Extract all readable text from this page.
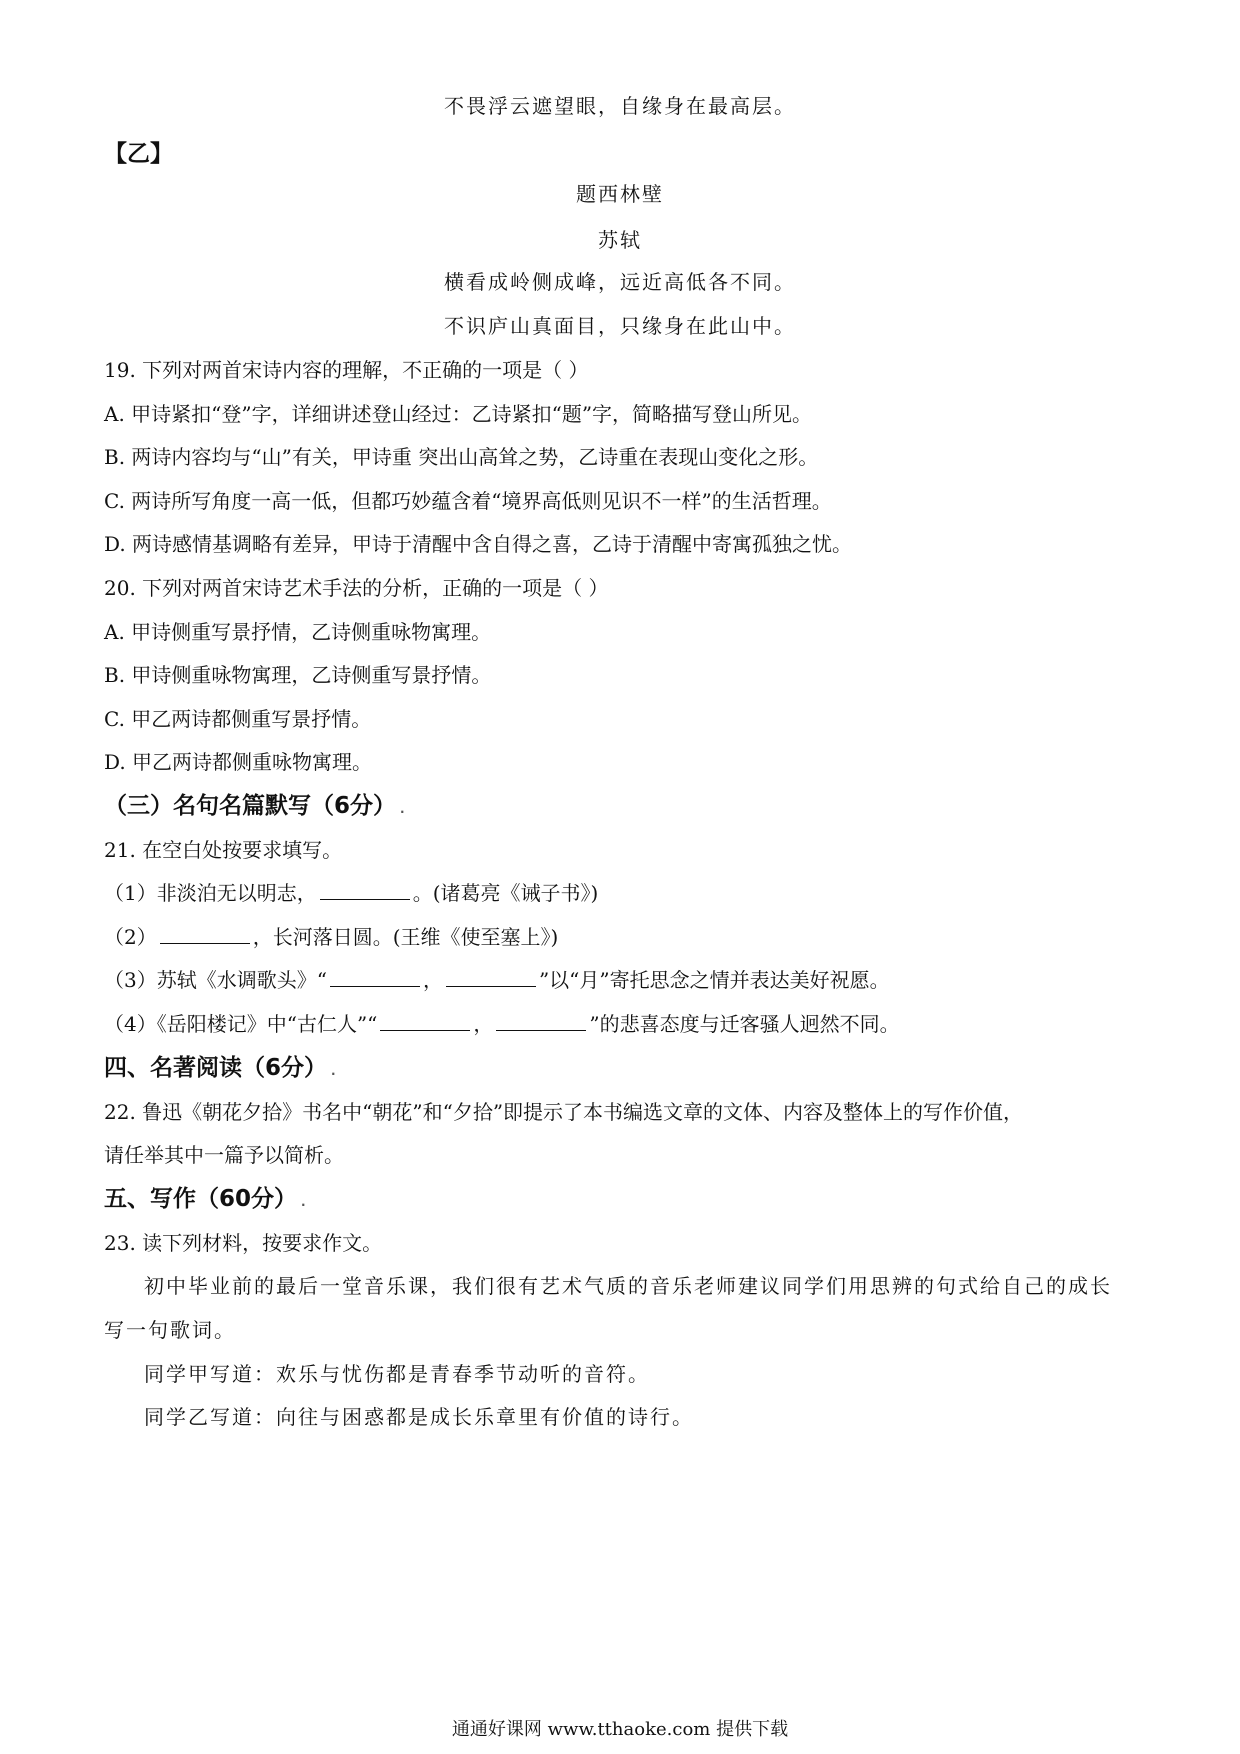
不畏浮云遮望眼，自缘身在最高层。
【乙】
题西林壁
苏轼
横看成岭侧成峰，远近高低各不同。
不识庐山真面目，只缘身在此山中。
19. 下列对两首宋诗内容的理解，不正确的一项是（ ）
A. 甲诗紧扣“登”字，详细讲述登山经过：乙诗紧扣“题”字，简略描写登山所见。
B. 两诗内容均与“山”有关，甲诗重 突出山高耸之势，乙诗重在表现山变化之形。
C. 两诗所写角度一高一低，但都巧妙蕴含着“境界高低则见识不一样”的生活哲理。
D. 两诗感情基调略有差异，甲诗于清醒中含自得之喜，乙诗于清醒中寄寓孤独之忧。
20. 下列对两首宋诗艺术手法的分析，正确的一项是（ ）
A. 甲诗侧重写景抒情，乙诗侧重咏物寓理。
B. 甲诗侧重咏物寓理，乙诗侧重写景抒情。
C. 甲乙两诗都侧重写景抒情。
D. 甲乙两诗都侧重咏物寓理。
（三）名句名篇默写（6分） .
21. 在空白处按要求填写。
（1）非淡泊无以明志，	。(诸葛亮《诫子书》)
（2）	，长河落日圆。(王维《使至塞上》)
（3）苏轼《水调歌头》“	，	”以“月”寄托思念之情并表达美好祝愿。
（4）《岳阳楼记》中“古仁人”“	，	”的悲喜态度与迁客骚人迥然不同。
四、名著阅读（6分） .
22. 鲁迅《朝花夕拾》书名中“朝花”和“夕拾”即提示了本书编选文章的文体、内容及整体上的写作价值，
请任举其中一篇予以简析。
五、写作（60分） .
23. 读下列材料，按要求作文。
初中毕业前的最后一堂音乐课，我们很有艺术气质的音乐老师建议同学们用思辨的句式给自己的成长
写一句歌词。
同学甲写道：欢乐与忧伤都是青春季节动听的音符。
同学乙写道：向往与困惑都是成长乐章里有价值的诗行。
通通好课网 www.tthaoke.com 提供下载
